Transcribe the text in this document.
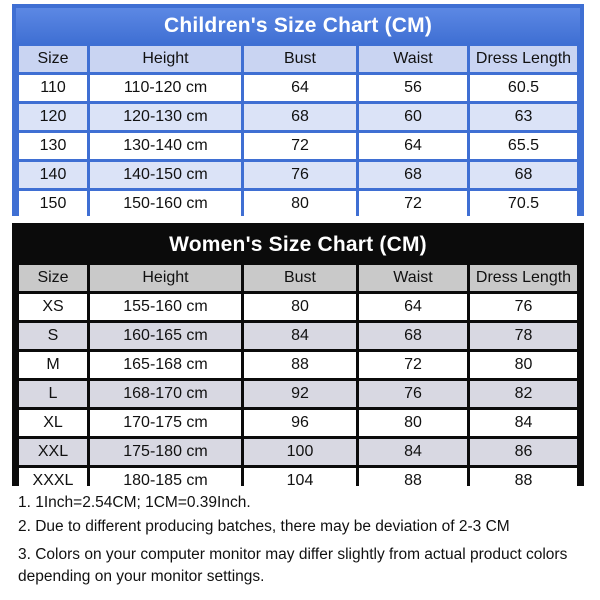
Children's Size Chart (CM)
Size	Height	Bust	Waist	Dress Length
110	110-120 cm	64	56	60.5
120	120-130 cm	68	60	63
130	130-140 cm	72	64	65.5
140	140-150 cm	76	68	68
150	150-160 cm	80	72	70.5
Women's Size Chart (CM)
Size	Height	Bust	Waist	Dress Length
XS	155-160 cm	80	64	76
S	160-165 cm	84	68	78
M	165-168 cm	88	72	80
L	168-170 cm	92	76	82
XL	170-175 cm	96	80	84
XXL	175-180 cm	100	84	86
XXXL	180-185 cm	104	88	88

1. 1Inch=2.54CM; 1CM=0.39Inch.

2. Due to different producing batches, there may be deviation of 2-3 CM

3. Colors on your computer monitor may differ slightly from actual product colors depending on your monitor settings.
